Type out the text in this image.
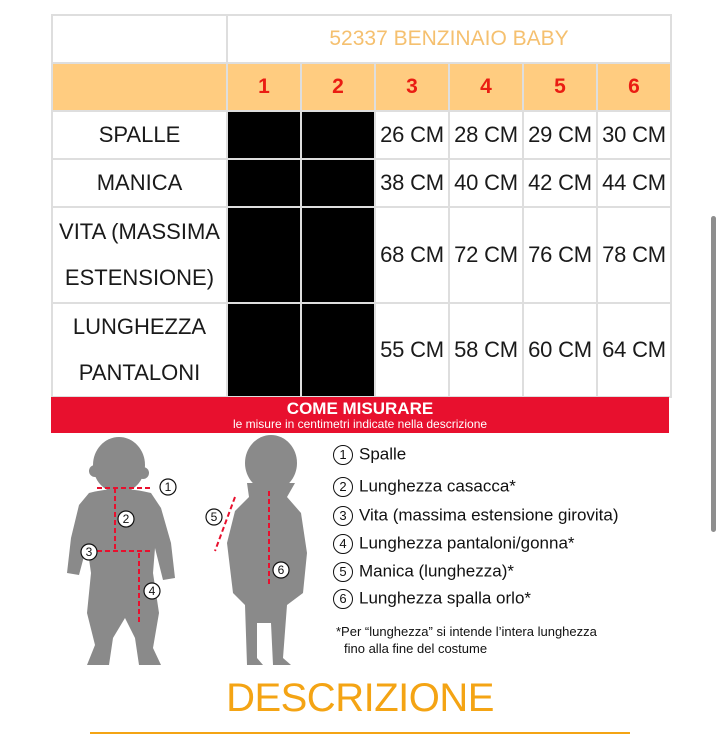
	52337 BENZINAIO BABY					
	1	2	3	4	5	6
SPALLE			26 CM	28 CM	29 CM	30 CM
MANICA			38 CM	40 CM	42 CM	44 CM

VITA (MASSIMA
ESTENSIONE)			68 CM	72 CM	76 CM	78 CM

LUNGHEZZA
PANTALONI			55 CM	58 CM	60 CM	64 CM
COME MISURARE
le misure in centimetri indicate nella descrizione
1
2
3
4
5
6
1 Spalle
2 Lunghezza casacca*
3 Vita (massima estensione girovita)
4 Lunghezza pantaloni/gonna*
5 Manica (lunghezza)*
6 Lunghezza spalla orlo*
*Per “lunghezza” si intende l’intera lunghezza
fino alla fine del costume
DESCRIZIONE
